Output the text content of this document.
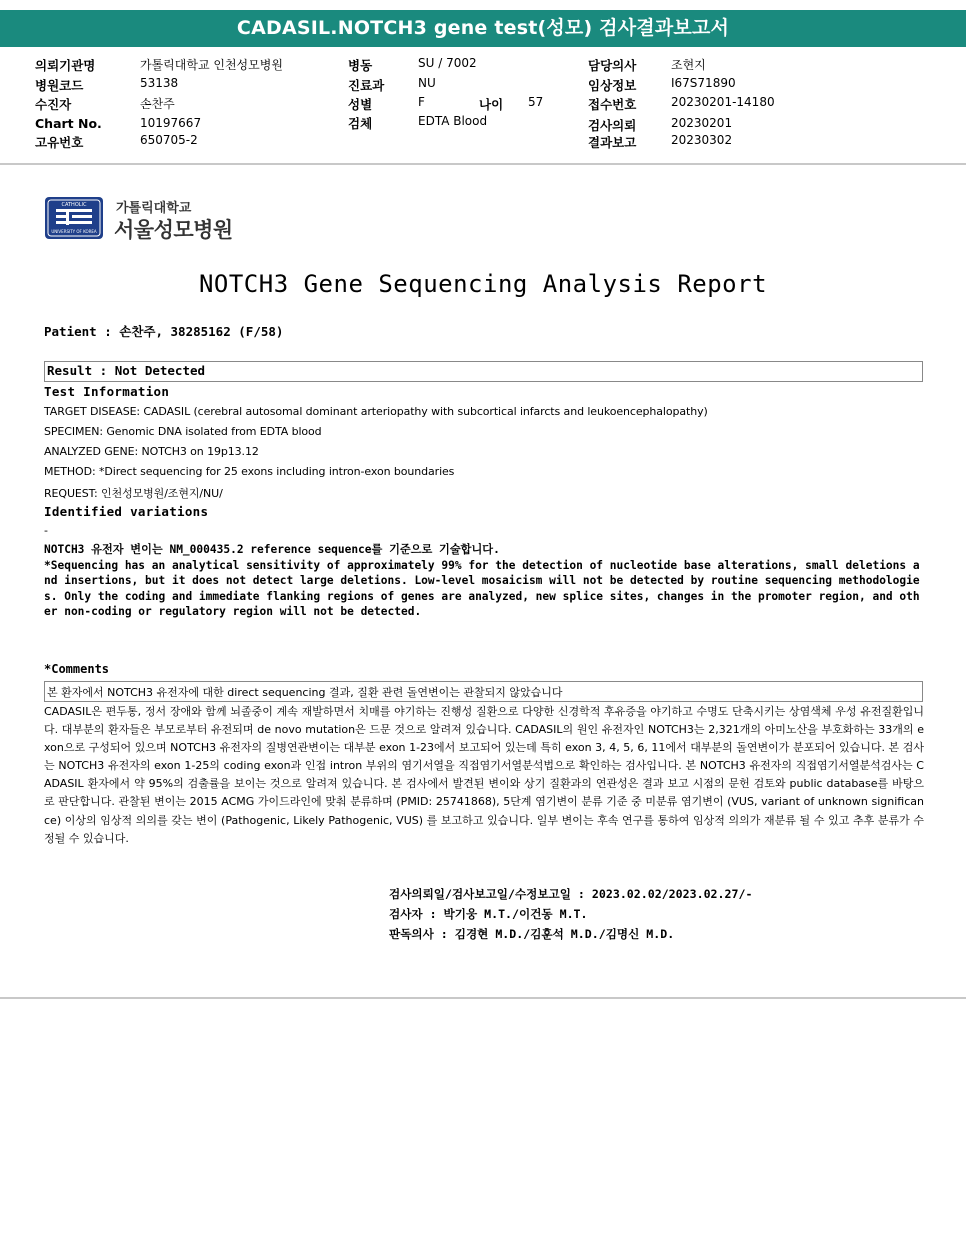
CADASIL.NOTCH3 gene test(성모) 검사결과보고서
의뢰기관명	가톨릭대학교 인천성모병원
병원코드	53138
수진자	손찬주
Chart No.	10197667
고유번호	650705-2
병동	SU / 7002
진료과	NU
성별	F	나이 57
검체	EDTA Blood
담당의사	조현지
임상정보	I67S71890
접수번호	20230201-14180
검사의뢰	20230201
결과보고	20230302
CATHOLIC
UNIVERSITY OF KOREA
가톨릭대학교
서울성모병원
NOTCH3 Gene Sequencing Analysis Report
Patient : 손찬주, 38285162 (F/58)
Result : Not Detected
Test Information
TARGET DISEASE: CADASIL (cerebral autosomal dominant arteriopathy with subcortical infarcts and leukoencephalopathy)
SPECIMEN: Genomic DNA isolated from EDTA blood
ANALYZED GENE: NOTCH3 on 19p13.12
METHOD: *Direct sequencing for 25 exons including intron-exon boundaries
REQUEST: 인천성모병원/조현지/NU/
Identified variations
-
NOTCH3 유전자 변이는 NM_000435.2 reference sequence를 기준으로 기술합니다.
*Sequencing has an analytical sensitivity of approximately 99% for the detection of nucleotide base alterations, small deletions and insertions, but it does not detect large deletions. Low-level mosaicism will not be detected by routine sequencing methodologies. Only the coding and immediate flanking regions of genes are analyzed, new splice sites, changes in the promoter region, and other non-coding or regulatory region will not be detected.
*Comments
본 환자에서 NOTCH3 유전자에 대한 direct sequencing 결과, 질환 관련 돌연변이는 관찰되지 않았습니다
CADASIL은 편두통, 정서 장애와 함께 뇌졸중이 계속 재발하면서 치매를 야기하는 진행성 질환으로 다양한 신경학적 후유증을 야기하고 수명도 단축시키는 상염색체 우성 유전질환입니다. 대부분의 환자들은 부모로부터 유전되며 de novo mutation은 드문 것으로 알려져 있습니다. CADASIL의 원인 유전자인 NOTCH3는 2,321개의 아미노산을 부호화하는 33개의 exon으로 구성되어 있으며 NOTCH3 유전자의 질병연관변이는 대부분 exon 1-23에서 보고되어 있는데 특히 exon 3, 4, 5, 6, 11에서 대부분의 돌연변이가 분포되어 있습니다. 본 검사는 NOTCH3 유전자의 exon 1-25의 coding exon과 인접 intron 부위의 염기서열을 직접염기서열분석법으로 확인하는 검사입니다. 본 NOTCH3 유전자의 직접염기서열분석검사는 CADASIL 환자에서 약 95%의 검출률을 보이는 것으로 알려져 있습니다. 본 검사에서 발견된 변이와 상기 질환과의 연관성은 결과 보고 시점의 문헌 검토와 public database를 바탕으로 판단합니다. 관찰된 변이는 2015 ACMG 가이드라인에 맞춰 분류하며 (PMID: 25741868), 5단계 염기변이 분류 기준 중 미분류 염기변이 (VUS, variant of unknown significance) 이상의 임상적 의의를 갖는 변이 (Pathogenic, Likely Pathogenic, VUS) 를 보고하고 있습니다. 일부 변이는 후속 연구를 통하여 임상적 의의가 재분류 될 수 있고 추후 분류가 수정될 수 있습니다.
검사의뢰일/검사보고일/수정보고일 : 2023.02.02/2023.02.27/-
검사자 : 박기웅 M.T./이건동 M.T.
판독의사 : 김경현 M.D./김훈석 M.D./김명신 M.D.
